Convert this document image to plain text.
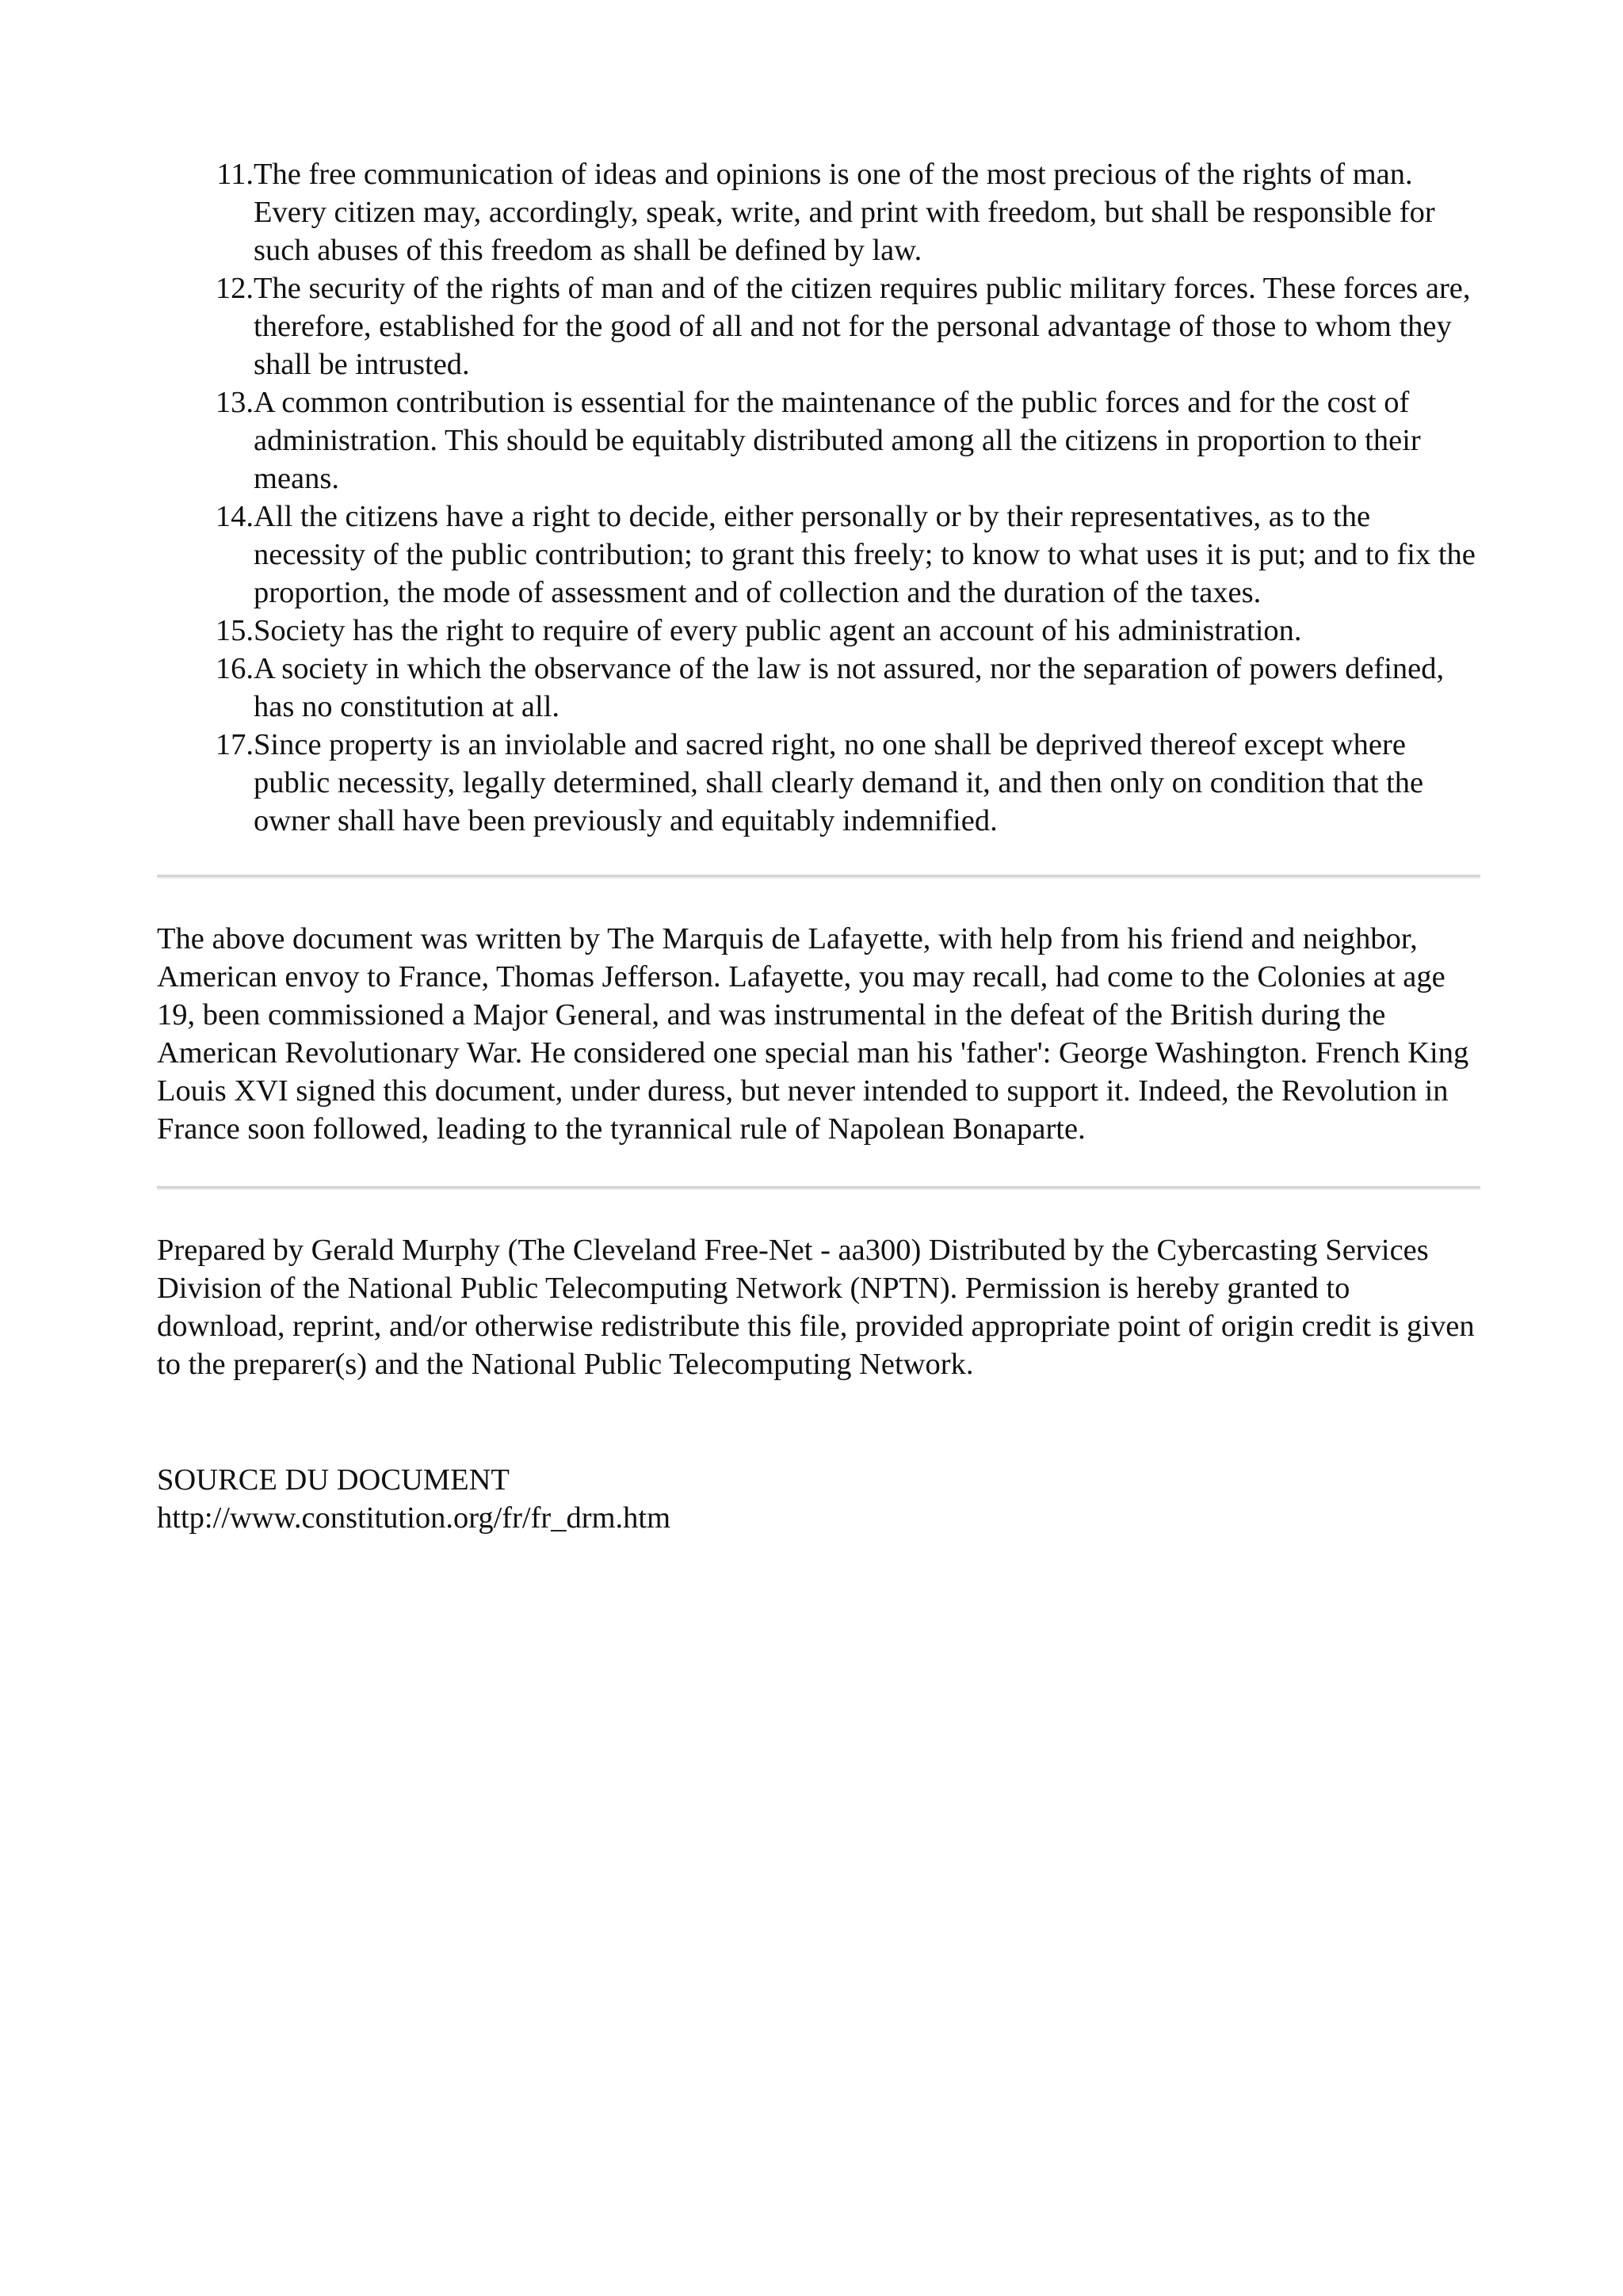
11. The free communication of ideas and opinions is one of the most precious of the rights of man. Every citizen may, accordingly, speak, write, and print with freedom, but shall be responsible for such abuses of this freedom as shall be defined by law.
12. The security of the rights of man and of the citizen requires public military forces. These forces are, therefore, established for the good of all and not for the personal advantage of those to whom they shall be intrusted.
13. A common contribution is essential for the maintenance of the public forces and for the cost of administration. This should be equitably distributed among all the citizens in proportion to their means.
14. All the citizens have a right to decide, either personally or by their representatives, as to the necessity of the public contribution; to grant this freely; to know to what uses it is put; and to fix the proportion, the mode of assessment and of collection and the duration of the taxes.
15. Society has the right to require of every public agent an account of his administration.
16. A society in which the observance of the law is not assured, nor the separation of powers defined, has no constitution at all.
17. Since property is an inviolable and sacred right, no one shall be deprived thereof except where public necessity, legally determined, shall clearly demand it, and then only on condition that the owner shall have been previously and equitably indemnified.

The above document was written by The Marquis de Lafayette, with help from his friend and neighbor, American envoy to France, Thomas Jefferson. Lafayette, you may recall, had come to the Colonies at age 19, been commissioned a Major General, and was instrumental in the defeat of the British during the American Revolutionary War. He considered one special man his 'father': George Washington. French King Louis XVI signed this document, under duress, but never intended to support it. Indeed, the Revolution in France soon followed, leading to the tyrannical rule of Napolean Bonaparte.

Prepared by Gerald Murphy (The Cleveland Free-Net - aa300) Distributed by the Cybercasting Services Division of the National Public Telecomputing Network (NPTN). Permission is hereby granted to download, reprint, and/or otherwise redistribute this file, provided appropriate point of origin credit is given to the preparer(s) and the National Public Telecomputing Network.

SOURCE DU DOCUMENT
http://www.constitution.org/fr/fr_drm.htm
